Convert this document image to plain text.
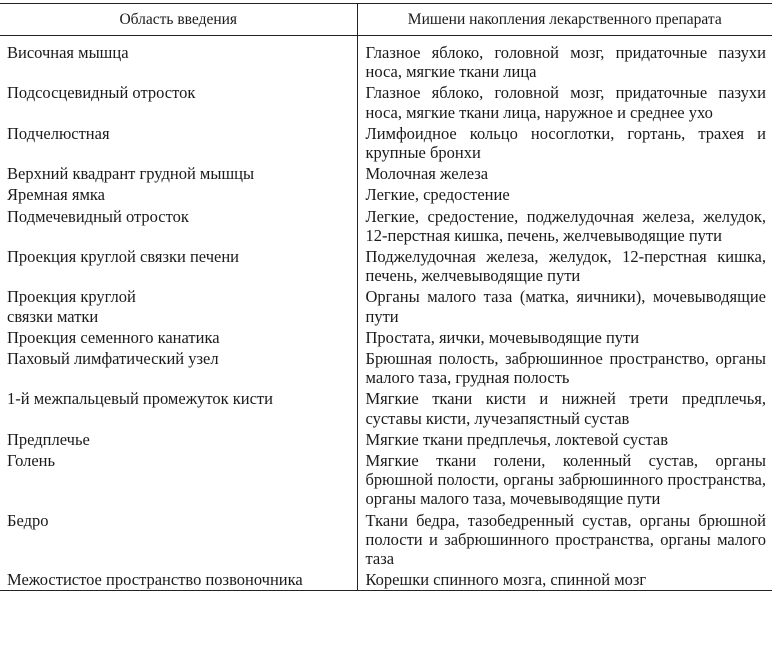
Область введения	Мишени накопления лекарственного препарата
Височная мышца	Глазное яблоко, головной мозг, придаточные пазухи носа, мягкие ткани лица
Подсосцевидный отросток	Глазное яблоко, головной мозг, придаточные пазухи носа, мягкие ткани лица, наружное и среднее ухо
Подчелюстная	Лимфоидное кольцо носоглотки, гортань, трахея и крупные бронхи
Верхний квадрант грудной мышцы	Молочная железа
Яремная ямка	Легкие, средостение
Подмечевидный отросток	Легкие, средостение, поджелудочная железа, желудок, 12-перстная кишка, печень, желчевыводящие пути
Проекция круглой связки печени	Поджелудочная железа, желудок, 12-перстная кишка, печень, желчевыводящие пути
Проекция круглой
связки матки	Органы малого таза (матка, яичники), мочевыводящие пути
Проекция семенного канатика	Простата, яички, мочевыводящие пути
Паховый лимфатический узел	Брюшная полость, забрюшинное пространство, органы малого таза, грудная полость
1-й межпальцевый промежуток кисти	Мягкие ткани кисти и нижней трети предплечья, суставы кисти, лучезапястный сустав
Предплечье	Мягкие ткани предплечья, локтевой сустав
Голень	Мягкие ткани голени, коленный сустав, органы брюшной полости, органы забрюшинного пространства, органы малого таза, мочевыводящие пути
Бедро	Ткани бедра, тазобедренный сустав, органы брюшной полости и забрюшинного пространства, органы малого таза
Межостистое пространство позвоночника	Корешки спинного мозга, спинной мозг
